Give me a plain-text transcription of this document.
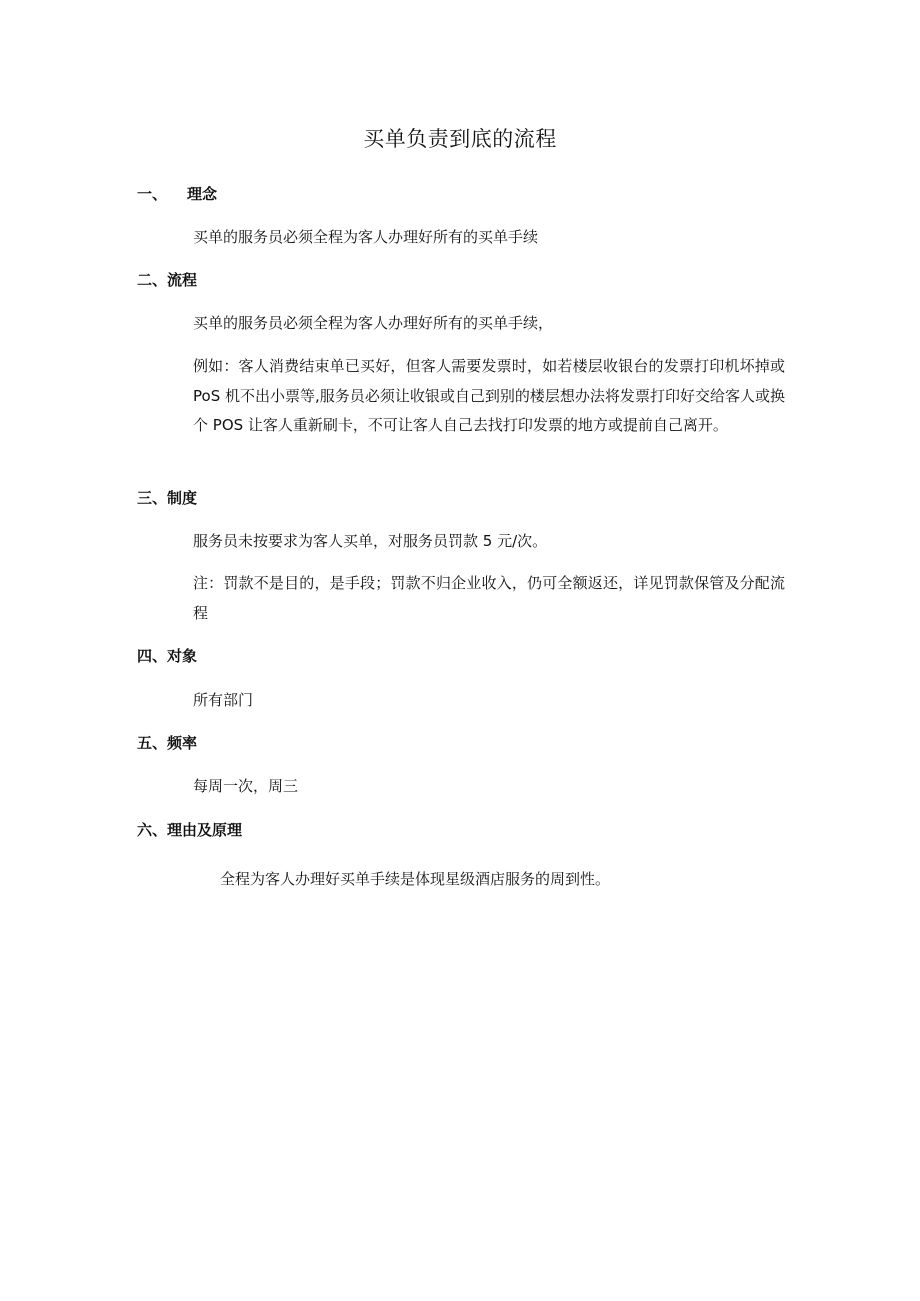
买单负责到底的流程
一、 理念

买单的服务员必须全程为客人办理好所有的买单手续

二、流程

买单的服务员必须全程为客人办理好所有的买单手续，

例如：客人消费结束单已买好，但客人需要发票时，如若楼层收银台的发票打印机坏掉或 PoS 机不出小票等,服务员必须让收银或自己到别的楼层想办法将发票打印好交给客人或换个 POS 让客人重新刷卡，不可让客人自己去找打印发票的地方或提前自己离开。

三、制度

服务员未按要求为客人买单，对服务员罚款 5 元/次。

注：罚款不是目的，是手段；罚款不归企业收入，仍可全额返还，详见罚款保管及分配流程

四、对象

所有部门

五、频率

每周一次，周三

六、理由及原理

全程为客人办理好买单手续是体现星级酒店服务的周到性。
